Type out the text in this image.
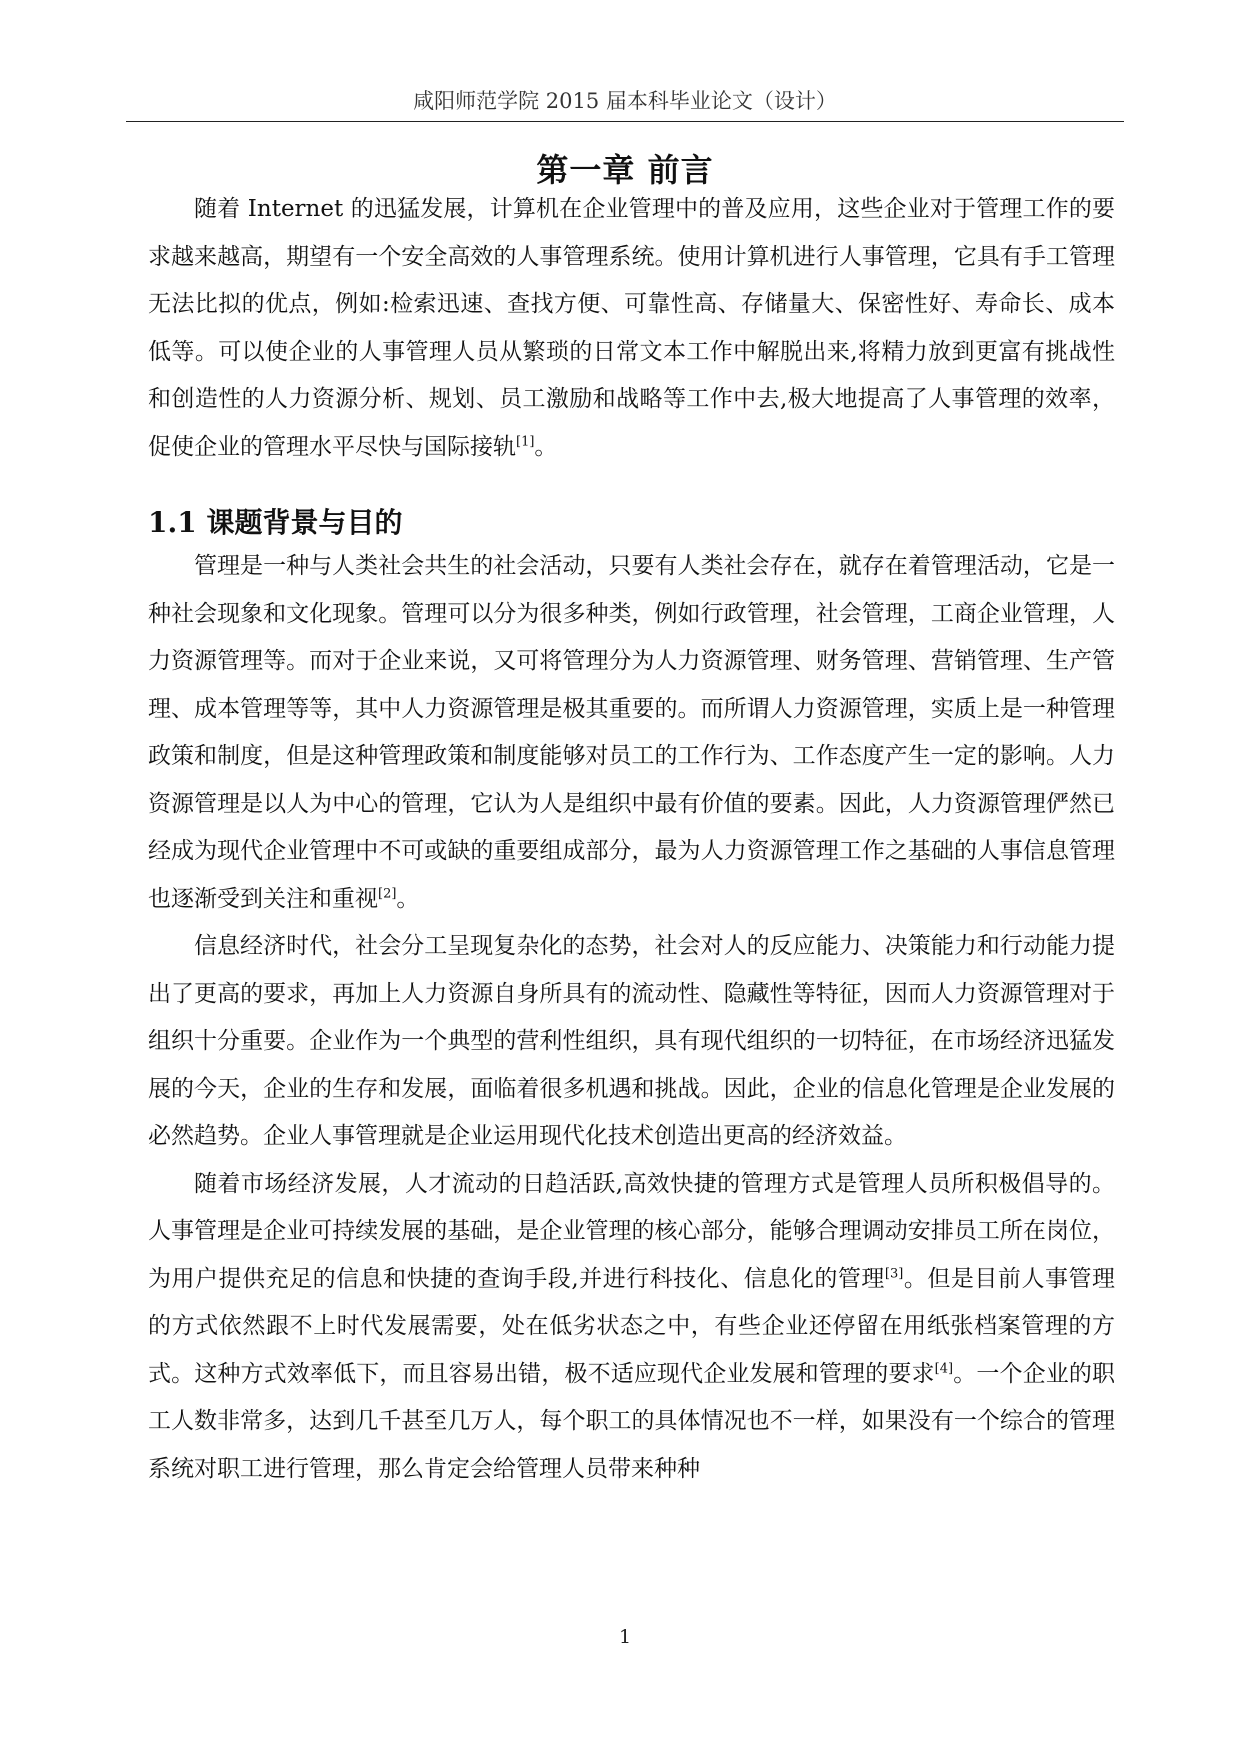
咸阳师范学院 2015 届本科毕业论文（设计）
第一章 前言

随着 Internet 的迅猛发展，计算机在企业管理中的普及应用，这些企业对于管理工作的要求越来越高，期望有一个安全高效的人事管理系统。使用计算机进行人事管理，它具有手工管理无法比拟的优点，例如:检索迅速、查找方便、可靠性高、存储量大、保密性好、寿命长、成本低等。可以使企业的人事管理人员从繁琐的日常文本工作中解脱出来,将精力放到更富有挑战性和创造性的人力资源分析、规划、员工激励和战略等工作中去,极大地提高了人事管理的效率，促使企业的管理水平尽快与国际接轨[1]。

1.1 课题背景与目的

管理是一种与人类社会共生的社会活动，只要有人类社会存在，就存在着管理活动，它是一种社会现象和文化现象。管理可以分为很多种类，例如行政管理，社会管理，工商企业管理，人力资源管理等。而对于企业来说，又可将管理分为人力资源管理、财务管理、营销管理、生产管理、成本管理等等，其中人力资源管理是极其重要的。而所谓人力资源管理，实质上是一种管理政策和制度，但是这种管理政策和制度能够对员工的工作行为、工作态度产生一定的影响。人力资源管理是以人为中心的管理，它认为人是组织中最有价值的要素。因此，人力资源管理俨然已经成为现代企业管理中不可或缺的重要组成部分，最为人力资源管理工作之基础的人事信息管理也逐渐受到关注和重视[2]。

信息经济时代，社会分工呈现复杂化的态势，社会对人的反应能力、决策能力和行动能力提出了更高的要求，再加上人力资源自身所具有的流动性、隐藏性等特征，因而人力资源管理对于组织十分重要。企业作为一个典型的营利性组织，具有现代组织的一切特征，在市场经济迅猛发展的今天，企业的生存和发展，面临着很多机遇和挑战。因此，企业的信息化管理是企业发展的必然趋势。企业人事管理就是企业运用现代化技术创造出更高的经济效益。

随着市场经济发展，人才流动的日趋活跃,高效快捷的管理方式是管理人员所积极倡导的。人事管理是企业可持续发展的基础，是企业管理的核心部分，能够合理调动安排员工所在岗位，为用户提供充足的信息和快捷的查询手段,并进行科技化、信息化的管理[3]。但是目前人事管理的方式依然跟不上时代发展需要，处在低劣状态之中，有些企业还停留在用纸张档案管理的方式。这种方式效率低下，而且容易出错，极不适应现代企业发展和管理的要求[4]。一个企业的职工人数非常多，达到几千甚至几万人，每个职工的具体情况也不一样，如果没有一个综合的管理系统对职工进行管理，那么肯定会给管理人员带来种种

1
